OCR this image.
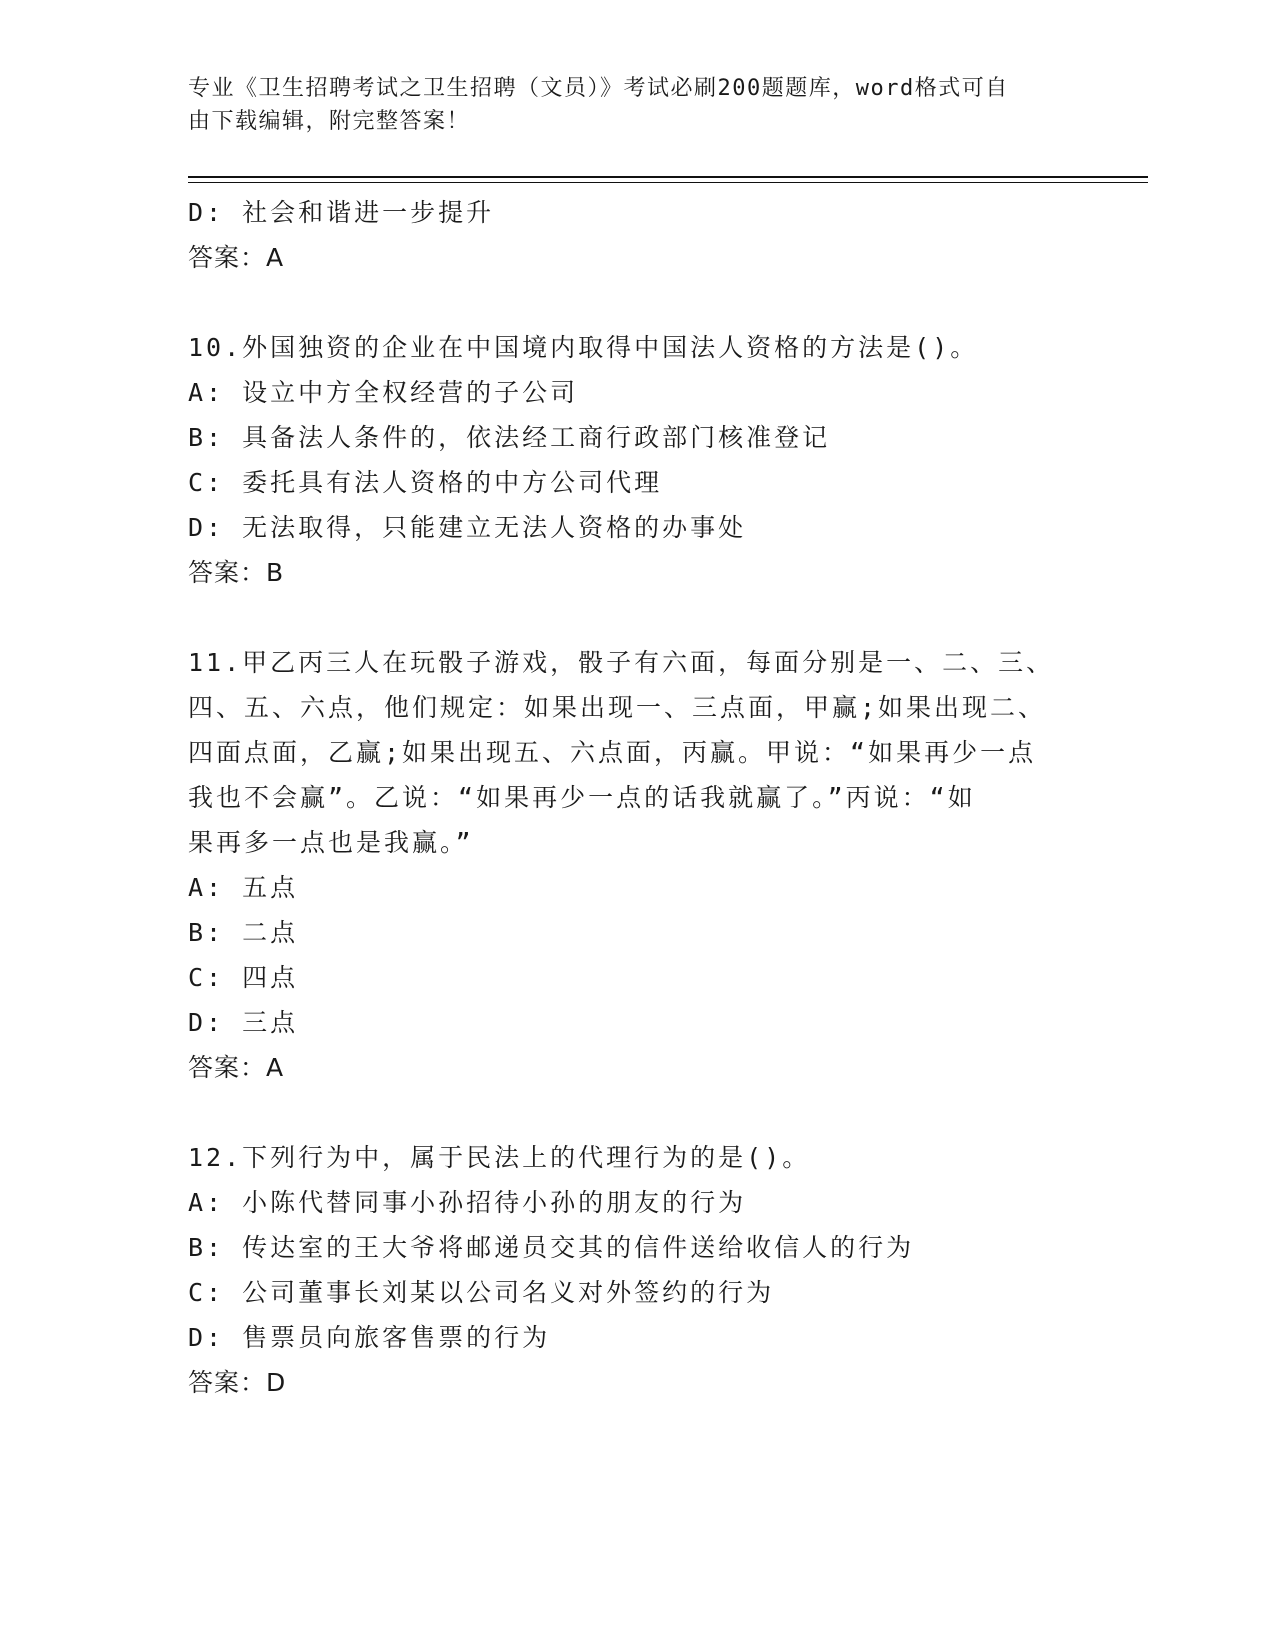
专业《卫生招聘考试之卫生招聘（文员）》考试必刷200题题库，word格式可自
由下载编辑，附完整答案！
D: 社会和谐进一步提升
答案：A
10.外国独资的企业在中国境内取得中国法人资格的方法是()。
A: 设立中方全权经营的子公司
B: 具备法人条件的，依法经工商行政部门核准登记
C: 委托具有法人资格的中方公司代理
D: 无法取得，只能建立无法人资格的办事处
答案：B
11.甲乙丙三人在玩骰子游戏，骰子有六面，每面分别是一、二、三、
四、五、六点，他们规定：如果出现一、三点面，甲赢;如果出现二、
四面点面，乙赢;如果出现五、六点面，丙赢。甲说：“如果再少一点
我也不会赢”。乙说：“如果再少一点的话我就赢了。”丙说：“如
果再多一点也是我赢。”
A: 五点
B: 二点
C: 四点
D: 三点
答案：A
12.下列行为中，属于民法上的代理行为的是()。
A: 小陈代替同事小孙招待小孙的朋友的行为
B: 传达室的王大爷将邮递员交其的信件送给收信人的行为
C: 公司董事长刘某以公司名义对外签约的行为
D: 售票员向旅客售票的行为
答案：D
